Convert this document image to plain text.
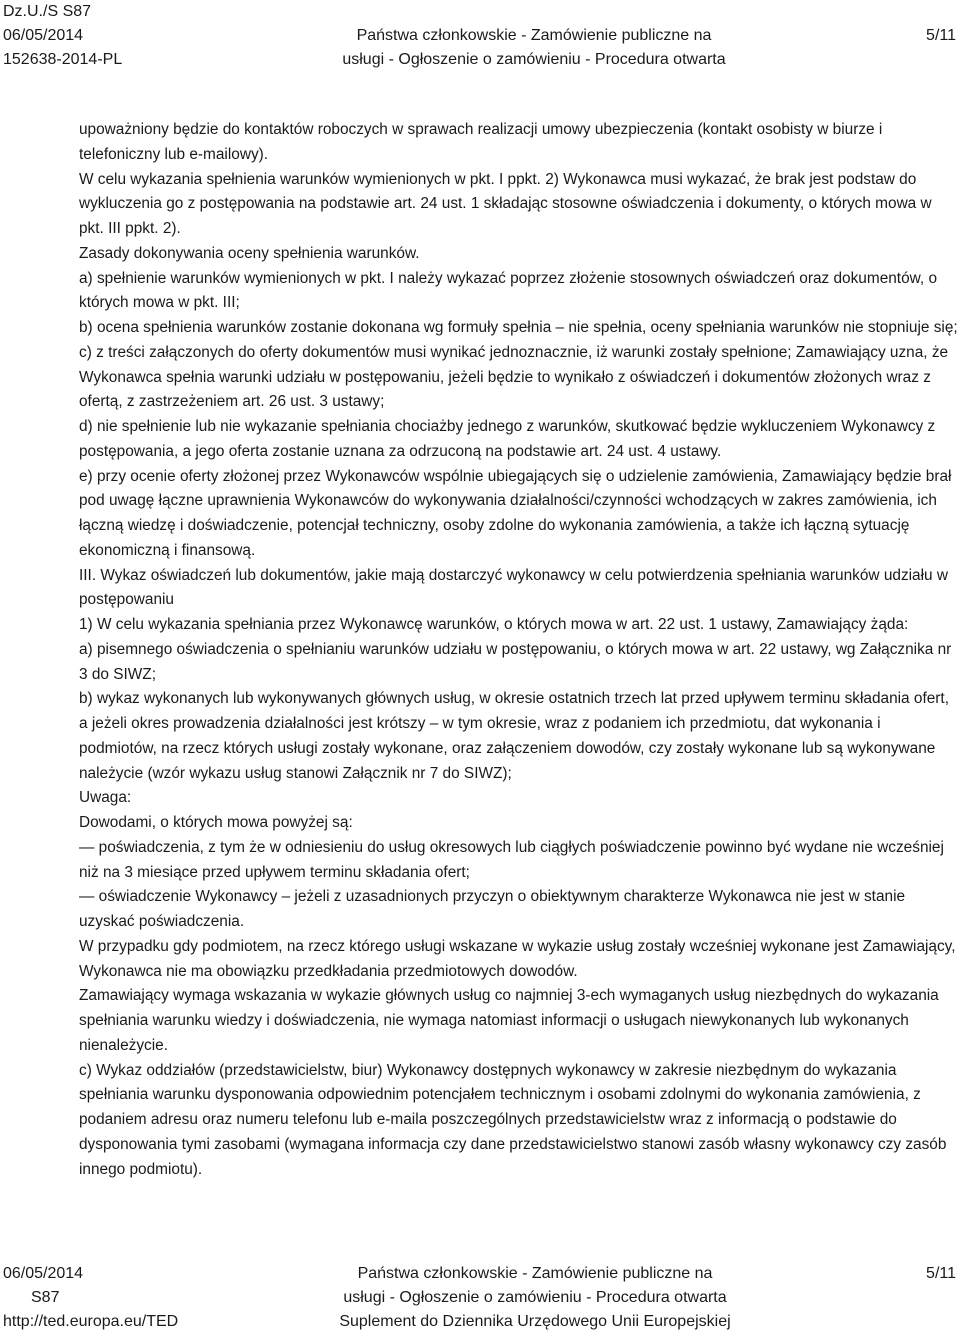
Dz.U./S S87
06/05/2014
152638-2014-PL
Państwa członkowskie - Zamówienie publiczne na
usługi - Ogłoszenie o zamówieniu - Procedura otwarta
5/11

upoważniony będzie do kontaktów roboczych w sprawach realizacji umowy ubezpieczenia (kontakt osobisty w biurze i telefoniczny lub e-mailowy).

W celu wykazania spełnienia warunków wymienionych w pkt. I ppkt. 2) Wykonawca musi wykazać, że brak jest podstaw do wykluczenia go z postępowania na podstawie art. 24 ust. 1 składając stosowne oświadczenia i dokumenty, o których mowa w pkt. III ppkt. 2).

Zasady dokonywania oceny spełnienia warunków.

a) spełnienie warunków wymienionych w pkt. I należy wykazać poprzez złożenie stosownych oświadczeń oraz dokumentów, o których mowa w pkt. III;

b) ocena spełnienia warunków zostanie dokonana wg formuły spełnia – nie spełnia, oceny spełniania warunków nie stopniuje się;

c) z treści załączonych do oferty dokumentów musi wynikać jednoznacznie, iż warunki zostały spełnione; Zamawiający uzna, że Wykonawca spełnia warunki udziału w postępowaniu, jeżeli będzie to wynikało z oświadczeń i dokumentów złożonych wraz z ofertą, z zastrzeżeniem art. 26 ust. 3 ustawy;

d) nie spełnienie lub nie wykazanie spełniania chociażby jednego z warunków, skutkować będzie wykluczeniem Wykonawcy z postępowania, a jego oferta zostanie uznana za odrzuconą na podstawie art. 24 ust. 4 ustawy.

e) przy ocenie oferty złożonej przez Wykonawców wspólnie ubiegających się o udzielenie zamówienia, Zamawiający będzie brał pod uwagę łączne uprawnienia Wykonawców do wykonywania działalności/czynności wchodzących w zakres zamówienia, ich łączną wiedzę i doświadczenie, potencjał techniczny, osoby zdolne do wykonania zamówienia, a także ich łączną sytuację ekonomiczną i finansową.

III. Wykaz oświadczeń lub dokumentów, jakie mają dostarczyć wykonawcy w celu potwierdzenia spełniania warunków udziału w postępowaniu

1) W celu wykazania spełniania przez Wykonawcę warunków, o których mowa w art. 22 ust. 1 ustawy, Zamawiający żąda:

a) pisemnego oświadczenia o spełnianiu warunków udziału w postępowaniu, o których mowa w art. 22 ustawy, wg Załącznika nr 3 do SIWZ;

b) wykaz wykonanych lub wykonywanych głównych usług, w okresie ostatnich trzech lat przed upływem terminu składania ofert, a jeżeli okres prowadzenia działalności jest krótszy – w tym okresie, wraz z podaniem ich przedmiotu, dat wykonania i podmiotów, na rzecz których usługi zostały wykonane, oraz załączeniem dowodów, czy zostały wykonane lub są wykonywane należycie (wzór wykazu usług stanowi Załącznik nr 7 do SIWZ);

Uwaga:

Dowodami, o których mowa powyżej są:

— poświadczenia, z tym że w odniesieniu do usług okresowych lub ciągłych poświadczenie powinno być wydane nie wcześniej niż na 3 miesiące przed upływem terminu składania ofert;

— oświadczenie Wykonawcy – jeżeli z uzasadnionych przyczyn o obiektywnym charakterze Wykonawca nie jest w stanie uzyskać poświadczenia.

W przypadku gdy podmiotem, na rzecz którego usługi wskazane w wykazie usług zostały wcześniej wykonane jest Zamawiający, Wykonawca nie ma obowiązku przedkładania przedmiotowych dowodów.

Zamawiający wymaga wskazania w wykazie głównych usług co najmniej 3-ech wymaganych usług niezbędnych do wykazania spełniania warunku wiedzy i doświadczenia, nie wymaga natomiast informacji o usługach niewykonanych lub wykonanych nienależycie.

c) Wykaz oddziałów (przedstawicielstw, biur) Wykonawcy dostępnych wykonawcy w zakresie niezbędnym do wykazania spełniania warunku dysponowania odpowiednim potencjałem technicznym i osobami zdolnymi do wykonania zamówienia, z podaniem adresu oraz numeru telefonu lub e-maila poszczególnych przedstawicielstw wraz z informacją o podstawie do dysponowania tymi zasobami (wymagana informacja czy dane przedstawicielstwo stanowi zasób własny wykonawcy czy zasób innego podmiotu).

06/05/2014
S87
http://ted.europa.eu/TED
Państwa członkowskie - Zamówienie publiczne na
usługi - Ogłoszenie o zamówieniu - Procedura otwarta
Suplement do Dziennika Urzędowego Unii Europejskiej
5/11
